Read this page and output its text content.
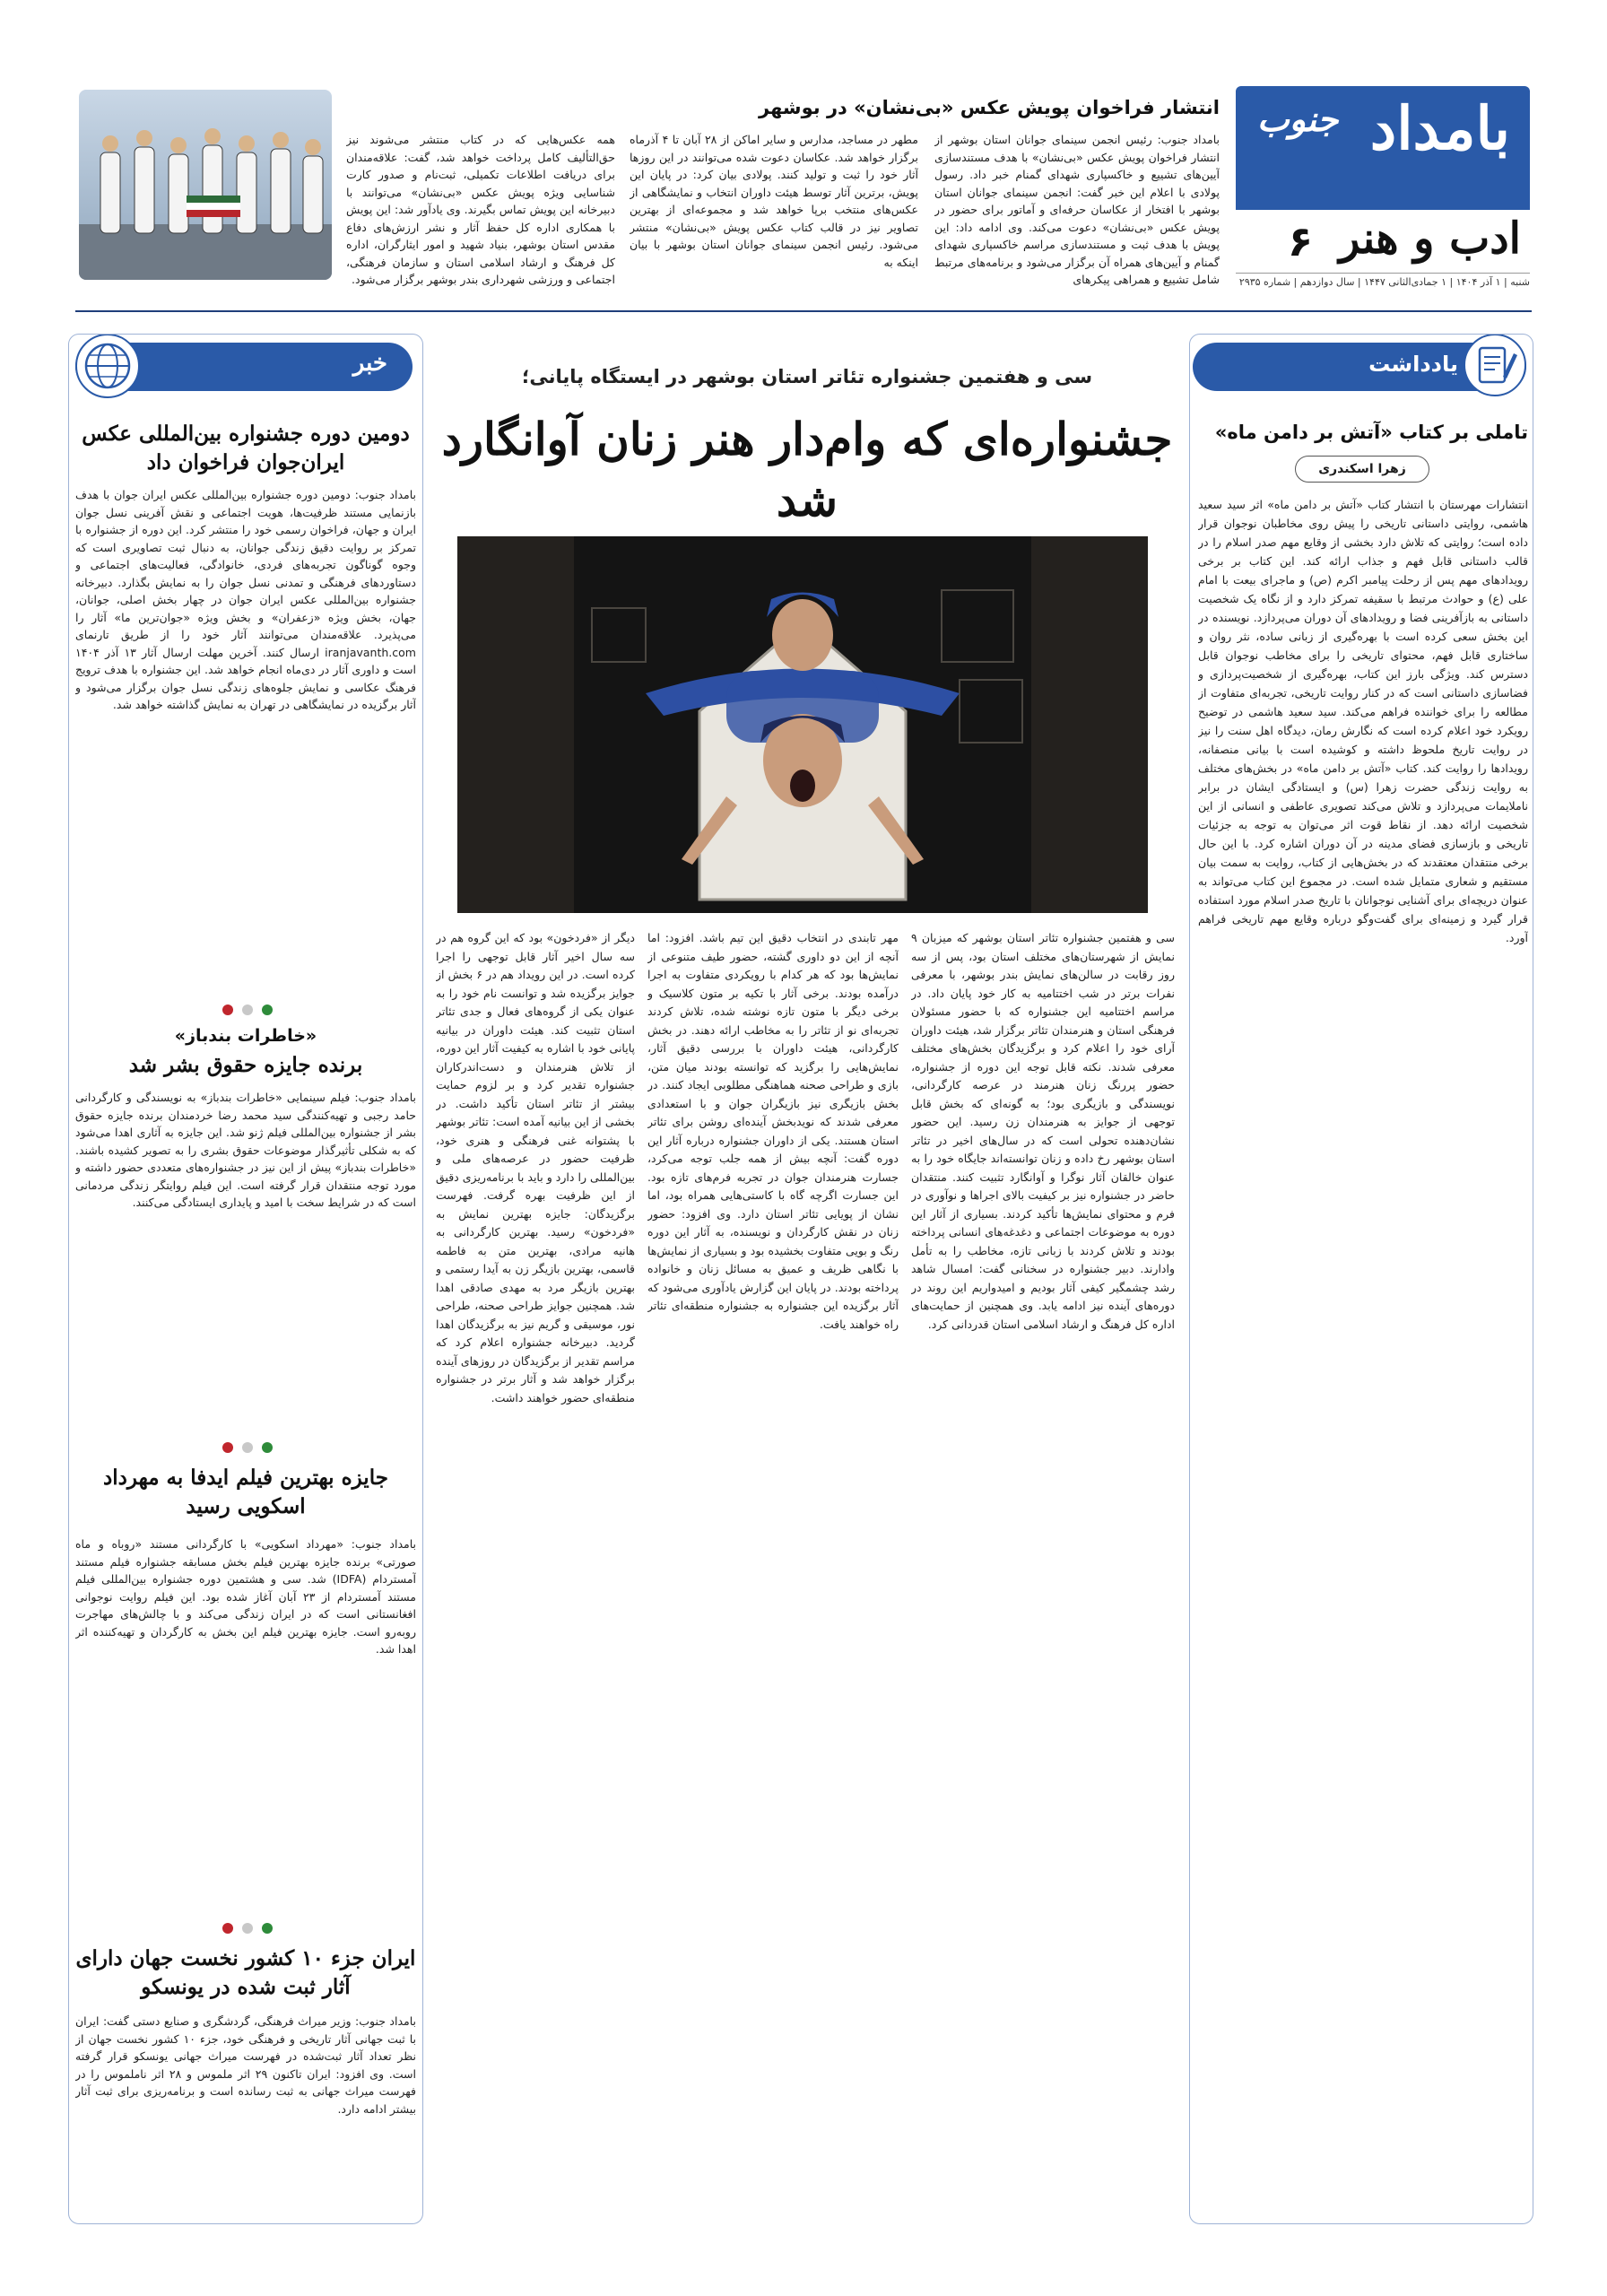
بامداد
جنوب
ادب و هنر
۶
شنبه | ۱ آذر ۱۴۰۴ | ۱ جمادی‌الثانی ۱۴۴۷ | سال دوازدهم | شماره ۲۹۳۵
انتشار فراخوان پویش عکس «بی‌نشان» در بوشهر
بامداد جنوب: رئیس انجمن سینمای جوانان استان بوشهر از انتشار فراخوان پویش عکس «بی‌نشان» با هدف مستندسازی آیین‌های تشییع و خاکسپاری شهدای گمنام خبر داد. رسول پولادی با اعلام این خبر گفت: انجمن سینمای جوانان استان بوشهر با افتخار از عکاسان حرفه‌ای و آماتور برای حضور در پویش عکس «بی‌نشان» دعوت می‌کند. وی ادامه داد: این پویش با هدف ثبت و مستندسازی مراسم خاکسپاری شهدای گمنام و آیین‌های همراه آن برگزار می‌شود و برنامه‌های مرتبط شامل تشییع و همراهی پیکرهای
مطهر در مساجد، مدارس و سایر اماکن از ۲۸ آبان تا ۴ آذرماه برگزار خواهد شد. عکاسان دعوت شده می‌توانند در این روزها آثار خود را ثبت و تولید کنند. پولادی بیان کرد: در پایان این پویش، برترین آثار توسط هیئت داوران انتخاب و نمایشگاهی از عکس‌های منتخب برپا خواهد شد و مجموعه‌ای از بهترین تصاویر نیز در قالب کتاب عکس پویش «بی‌نشان» منتشر می‌شود. رئیس انجمن سینمای جوانان استان بوشهر با بیان اینکه به
همه عکس‌هایی که در کتاب منتشر می‌شوند نیز حق‌التألیف کامل پرداخت خواهد شد، گفت: علاقه‌مندان برای دریافت اطلاعات تکمیلی، ثبت‌نام و صدور کارت شناسایی ویژه پویش عکس «بی‌نشان» می‌توانند با دبیرخانه این پویش تماس بگیرند. وی یادآور شد: این پویش با همکاری اداره کل حفظ آثار و نشر ارزش‌های دفاع مقدس استان بوشهر، بنیاد شهید و امور ایثارگران، اداره کل فرهنگ و ارشاد اسلامی استان و سازمان فرهنگی، اجتماعی و ورزشی شهرداری بندر بوشهر برگزار می‌شود.
خبر
دومین دوره جشنواره بین‌المللی عکس ایران‌جوان فراخوان داد
بامداد جنوب: دومین دوره جشنواره بین‌المللی عکس ایران جوان با هدف بازنمایی مستند ظرفیت‌ها، هویت اجتماعی و نقش آفرینی نسل جوان ایران و جهان، فراخوان رسمی خود را منتشر کرد. این دوره از جشنواره با تمرکز بر روایت دقیق زندگی جوانان، به دنبال ثبت تصاویری است که وجوه گوناگون تجربه‌های فردی، خانوادگی، فعالیت‌های اجتماعی و دستاوردهای فرهنگی و تمدنی نسل جوان را به نمایش بگذارد. دبیرخانه جشنواره بین‌المللی عکس ایران جوان در چهار بخش اصلی، جوانان، جهان، بخش ویژه «زعفران» و بخش ویژه «جوان‌ترین ما» آثار را می‌پذیرد. علاقه‌مندان می‌توانند آثار خود را از طریق تارنمای iranjavanth.com ارسال کنند. آخرین مهلت ارسال آثار ۱۳ آذر ۱۴۰۴ است و داوری آثار در دی‌ماه انجام خواهد شد. این جشنواره با هدف ترویج فرهنگ عکاسی و نمایش جلوه‌های زندگی نسل جوان برگزار می‌شود و آثار برگزیده در نمایشگاهی در تهران به نمایش گذاشته خواهد شد.
«خاطرات بندباز»
برنده جایزه حقوق بشر شد
بامداد جنوب: فیلم سینمایی «خاطرات بندباز» به نویسندگی و کارگردانی حامد رجبی و تهیه‌کنندگی سید محمد رضا خردمندان برنده جایزه حقوق بشر از جشنواره بین‌المللی فیلم ژنو شد. این جایزه به آثاری اهدا می‌شود که به شکلی تأثیرگذار موضوعات حقوق بشری را به تصویر کشیده باشند. «خاطرات بندباز» پیش از این نیز در جشنواره‌های متعددی حضور داشته و مورد توجه منتقدان قرار گرفته است. این فیلم روایتگر زندگی مردمانی است که در شرایط سخت با امید و پایداری ایستادگی می‌کنند.
جایزه بهترین فیلم ایدفا به مهرداد اسکویی رسید
بامداد جنوب: «مهرداد اسکویی» با کارگردانی مستند «روباه و ماه صورتی» برنده جایزه بهترین فیلم بخش مسابقه جشنواره فیلم مستند آمستردام (IDFA) شد. سی و هشتمین دوره جشنواره بین‌المللی فیلم مستند آمستردام از ۲۳ آبان آغاز شده بود. این فیلم روایت نوجوانی افغانستانی است که در ایران زندگی می‌کند و با چالش‌های مهاجرت روبه‌رو است. جایزه بهترین فیلم این بخش به کارگردان و تهیه‌کننده اثر اهدا شد.
ایران جزء ۱۰ کشور نخست جهان دارای آثار ثبت شده در یونسکو
بامداد جنوب: وزیر میراث فرهنگی، گردشگری و صنایع دستی گفت: ایران با ثبت جهانی آثار تاریخی و فرهنگی خود، جزء ۱۰ کشور نخست جهان از نظر تعداد آثار ثبت‌شده در فهرست میراث جهانی یونسکو قرار گرفته است. وی افزود: ایران تاکنون ۲۹ اثر ملموس و ۲۸ اثر ناملموس را در فهرست میراث جهانی به ثبت رسانده است و برنامه‌ریزی برای ثبت آثار بیشتر ادامه دارد.
یادداشت
تاملی بر کتاب «آتش بر دامن ماه»
زهرا اسکندری
انتشارات مهرستان با انتشار کتاب «آتش بر دامن ماه» اثر سید سعید هاشمی، روایتی داستانی تاریخی را پیش روی مخاطبان نوجوان قرار داده است؛ روایتی که تلاش دارد بخشی از وقایع مهم صدر اسلام را در قالب داستانی قابل فهم و جذاب ارائه کند. این کتاب بر برخی رویدادهای مهم پس از رحلت پیامبر اکرم (ص) و ماجرای بیعت با امام علی (ع) و حوادث مرتبط با سقیفه تمرکز دارد و از نگاه یک شخصیت داستانی به بازآفرینی فضا و رویدادهای آن دوران می‌پردازد. نویسنده در این بخش سعی کرده است با بهره‌گیری از زبانی ساده، نثر روان و ساختاری قابل فهم، محتوای تاریخی را برای مخاطب نوجوان قابل دسترس کند. ویژگی بارز این کتاب، بهره‌گیری از شخصیت‌پردازی و فضاسازی داستانی است که در کنار روایت تاریخی، تجربه‌ای متفاوت از مطالعه را برای خواننده فراهم می‌کند. سید سعید هاشمی در توضیح رویکرد خود اعلام کرده است که نگارش رمان، دیدگاه اهل سنت را نیز در روایت تاریخ ملحوظ داشته و کوشیده است با بیانی منصفانه، رویدادها را روایت کند. کتاب «آتش بر دامن ماه» در بخش‌های مختلف به روایت زندگی حضرت زهرا (س) و ایستادگی ایشان در برابر ناملایمات می‌پردازد و تلاش می‌کند تصویری عاطفی و انسانی از این شخصیت ارائه دهد. از نقاط قوت اثر می‌توان به توجه به جزئیات تاریخی و بازسازی فضای مدینه در آن دوران اشاره کرد. با این حال برخی منتقدان معتقدند که در بخش‌هایی از کتاب، روایت به سمت بیان مستقیم و شعاری متمایل شده است. در مجموع این کتاب می‌تواند به عنوان دریچه‌ای برای آشنایی نوجوانان با تاریخ صدر اسلام مورد استفاده قرار گیرد و زمینه‌ای برای گفت‌وگو درباره وقایع مهم تاریخی فراهم آورد.
سی و هفتمین جشنواره تئاتر استان بوشهر در ایستگاه پایانی؛
جشنواره‌ای که وام‌دار هنر زنان آوانگارد شد
سی و هفتمین جشنواره تئاتر استان بوشهر که میزبان ۹ نمایش از شهرستان‌های مختلف استان بود، پس از سه روز رقابت در سالن‌های نمایش بندر بوشهر، با معرفی نفرات برتر در شب اختتامیه به کار خود پایان داد. در مراسم اختتامیه این جشنواره که با حضور مسئولان فرهنگی استان و هنرمندان تئاتر برگزار شد، هیئت داوران آرای خود را اعلام کرد و برگزیدگان بخش‌های مختلف معرفی شدند. نکته قابل توجه این دوره از جشنواره، حضور پررنگ زنان هنرمند در عرصه کارگردانی، نویسندگی و بازیگری بود؛ به گونه‌ای که بخش قابل توجهی از جوایز به هنرمندان زن رسید. این حضور نشان‌دهنده تحولی است که در سال‌های اخیر در تئاتر استان بوشهر رخ داده و زنان توانسته‌اند جایگاه خود را به عنوان خالقان آثار نوگرا و آوانگارد تثبیت کنند. منتقدان حاضر در جشنواره نیز بر کیفیت بالای اجراها و نوآوری در فرم و محتوای نمایش‌ها تأکید کردند. بسیاری از آثار این دوره به موضوعات اجتماعی و دغدغه‌های انسانی پرداخته بودند و تلاش کردند با زبانی تازه، مخاطب را به تأمل وادارند. دبیر جشنواره در سخنانی گفت: امسال شاهد رشد چشمگیر کیفی آثار بودیم و امیدواریم این روند در دوره‌های آینده نیز ادامه یابد. وی همچنین از حمایت‌های اداره کل فرهنگ و ارشاد اسلامی استان قدردانی کرد.
مهر تابندی در انتخاب دقیق این تیم باشد. افزود: اما آنچه از این دو داوری گشته، حضور طیف متنوعی از نمایش‌ها بود که هر کدام با رویکردی متفاوت به اجرا درآمده بودند. برخی آثار با تکیه بر متون کلاسیک و برخی دیگر با متون تازه نوشته شده، تلاش کردند تجربه‌ای نو از تئاتر را به مخاطب ارائه دهند. در بخش کارگردانی، هیئت داوران با بررسی دقیق آثار، نمایش‌هایی را برگزید که توانسته بودند میان متن، بازی و طراحی صحنه هماهنگی مطلوبی ایجاد کنند. در بخش بازیگری نیز بازیگران جوان و با استعدادی معرفی شدند که نویدبخش آینده‌ای روشن برای تئاتر استان هستند. یکی از داوران جشنواره درباره آثار این دوره گفت: آنچه بیش از همه جلب توجه می‌کرد، جسارت هنرمندان جوان در تجربه فرم‌های تازه بود. این جسارت اگرچه گاه با کاستی‌هایی همراه بود، اما نشان از پویایی تئاتر استان دارد. وی افزود: حضور زنان در نقش کارگردان و نویسنده، به آثار این دوره رنگ و بویی متفاوت بخشیده بود و بسیاری از نمایش‌ها با نگاهی ظریف و عمیق به مسائل زنان و خانواده پرداخته بودند. در پایان این گزارش یادآوری می‌شود که آثار برگزیده این جشنواره به جشنواره منطقه‌ای تئاتر راه خواهند یافت.
دیگر از «فردخون» بود که این گروه هم در سه سال اخیر آثار قابل توجهی را اجرا کرده است. در این رویداد هم در ۶ بخش از جوایز برگزیده شد و توانست نام خود را به عنوان یکی از گروه‌های فعال و جدی تئاتر استان تثبیت کند. هیئت داوران در بیانیه پایانی خود با اشاره به کیفیت آثار این دوره، از تلاش هنرمندان و دست‌اندرکاران جشنواره تقدیر کرد و بر لزوم حمایت بیشتر از تئاتر استان تأکید داشت. در بخشی از این بیانیه آمده است: تئاتر بوشهر با پشتوانه غنی فرهنگی و هنری خود، ظرفیت حضور در عرصه‌های ملی و بین‌المللی را دارد و باید با برنامه‌ریزی دقیق از این ظرفیت بهره گرفت. فهرست برگزیدگان: جایزه بهترین نمایش به «فردخون» رسید. بهترین کارگردانی به هانیه مرادی، بهترین متن به فاطمه قاسمی، بهترین بازیگر زن به آیدا رستمی و بهترین بازیگر مرد به مهدی صادقی اهدا شد. همچنین جوایز طراحی صحنه، طراحی نور، موسیقی و گریم نیز به برگزیدگان اهدا گردید. دبیرخانه جشنواره اعلام کرد که مراسم تقدیر از برگزیدگان در روزهای آینده برگزار خواهد شد و آثار برتر در جشنواره منطقه‌ای حضور خواهند داشت.
